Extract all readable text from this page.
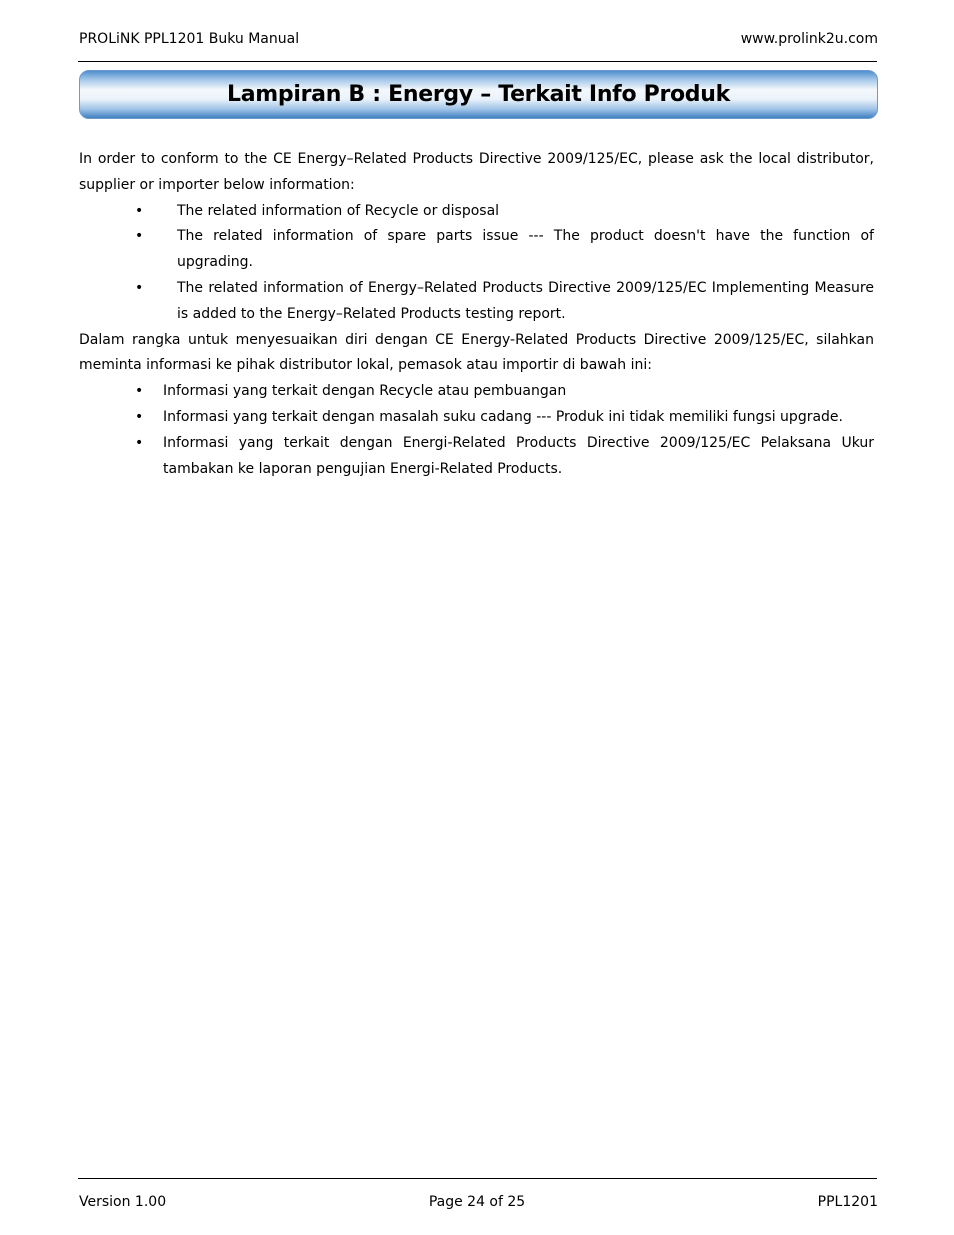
PROLiNK PPL1201 Buku Manual	www.prolink2u.com
Lampiran B : Energy – Terkait Info Produk

In order to conform to the CE Energy–Related Products Directive 2009/125/EC, please ask the local distributor, supplier or importer below information:

• The related information of Recycle or disposal
• The related information of spare parts issue --- The product doesn't have the function of upgrading.
• The related information of Energy–Related Products Directive 2009/125/EC Implementing Measure is added to the Energy–Related Products testing report.

Dalam rangka untuk menyesuaikan diri dengan CE Energy-Related Products Directive 2009/125/EC, silahkan meminta informasi ke pihak distributor lokal, pemasok atau importir di bawah ini:

• Informasi yang terkait dengan Recycle atau pembuangan
• Informasi yang terkait dengan masalah suku cadang --- Produk ini tidak memiliki fungsi upgrade.
• Informasi yang terkait dengan Energi-Related Products Directive 2009/125/EC Pelaksana Ukur tambakan ke laporan pengujian Energi-Related Products.
Version 1.00	Page 24 of 25	PPL1201
